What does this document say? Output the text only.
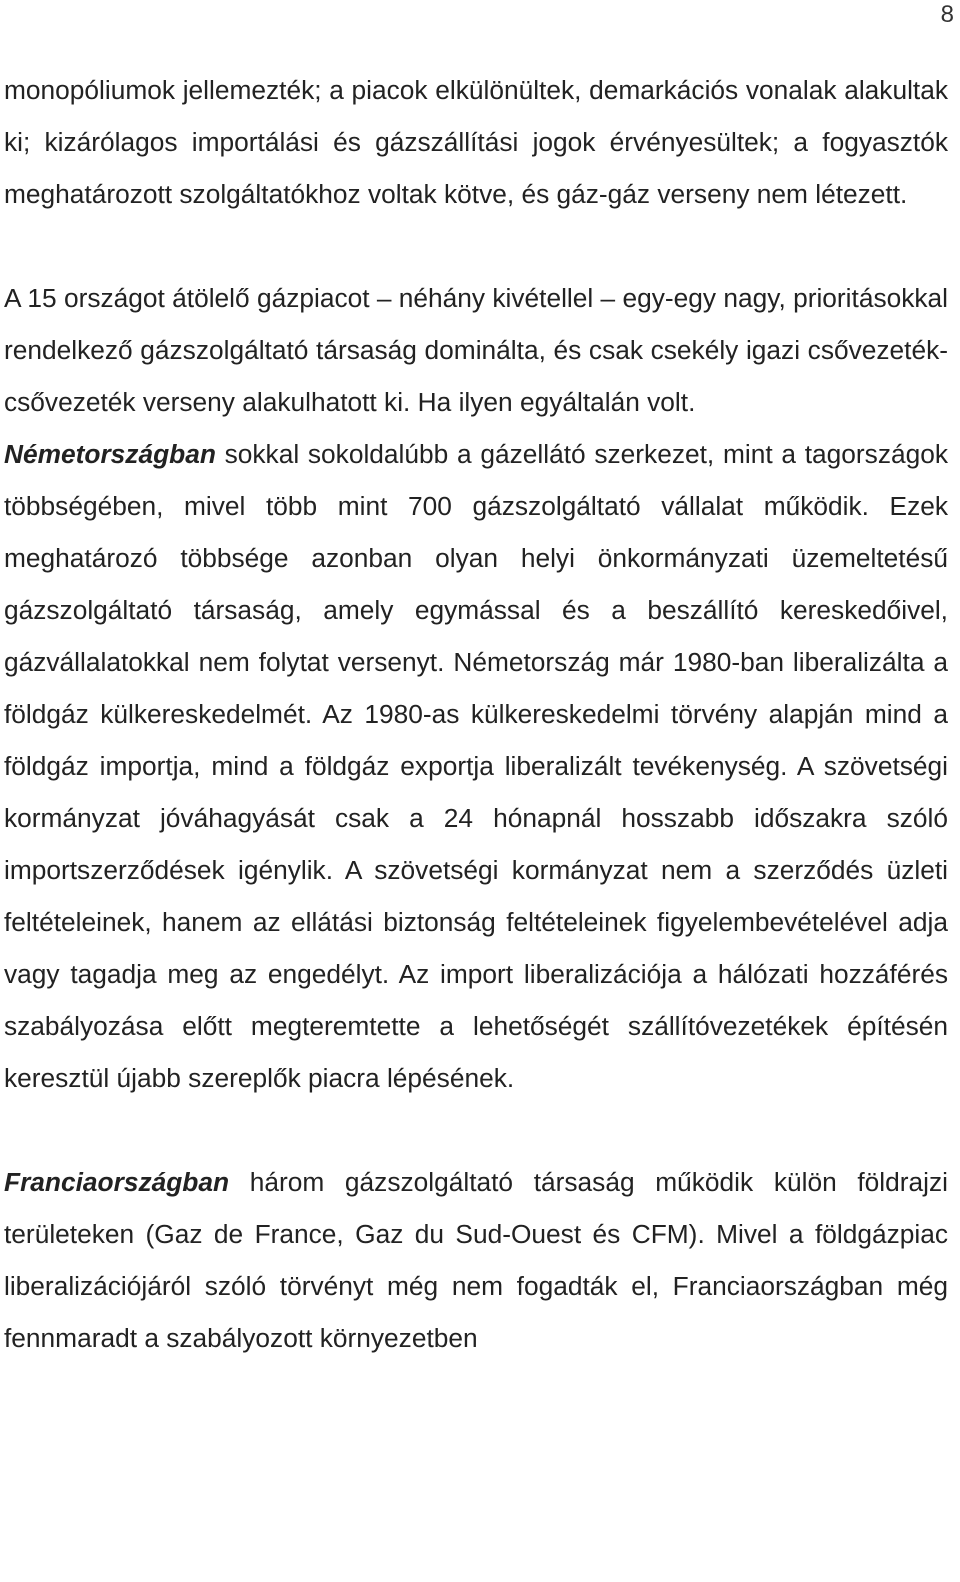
8

monopóliumok jellemezték; a piacok elkülönültek, demarkációs vonalak alakultak ki; kizárólagos importálási és gázszállítási jogok érvényesültek; a fogyasztók meghatározott szolgáltatókhoz voltak kötve, és gáz-gáz verseny nem létezett.

A 15 országot átölelő gázpiacot – néhány kivétellel – egy-egy nagy, prioritásokkal rendelkező gázszolgáltató társaság dominálta, és csak csekély igazi csővezeték-csővezeték verseny alakulhatott ki. Ha ilyen egyáltalán volt.

Németországban sokkal sokoldalúbb a gázellátó szerkezet, mint a tagországok többségében, mivel több mint 700 gázszolgáltató vállalat működik. Ezek meghatározó többsége azonban olyan helyi önkormányzati üzemeltetésű gázszolgáltató társaság, amely egymással és a beszállító kereskedőivel, gázvállalatokkal nem folytat versenyt. Németország már 1980-ban liberalizálta a földgáz külkereskedelmét. Az 1980-as külkereskedelmi törvény alapján mind a földgáz importja, mind a földgáz exportja liberalizált tevékenység. A szövetségi kormányzat jóváhagyását csak a 24 hónapnál hosszabb időszakra szóló importszerződések igénylik. A szövetségi kormányzat nem a szerződés üzleti feltételeinek, hanem az ellátási biztonság feltételeinek figyelembevételével adja vagy tagadja meg az engedélyt. Az import liberalizációja a hálózati hozzáférés szabályozása előtt megteremtette a lehetőségét szállítóvezetékek építésén keresztül újabb szereplők piacra lépésének.

Franciaországban három gázszolgáltató társaság működik külön földrajzi területeken (Gaz de France, Gaz du Sud-Ouest és CFM). Mivel a földgázpiac liberalizációjáról szóló törvényt még nem fogadták el, Franciaországban még fennmaradt a szabályozott környezetben
